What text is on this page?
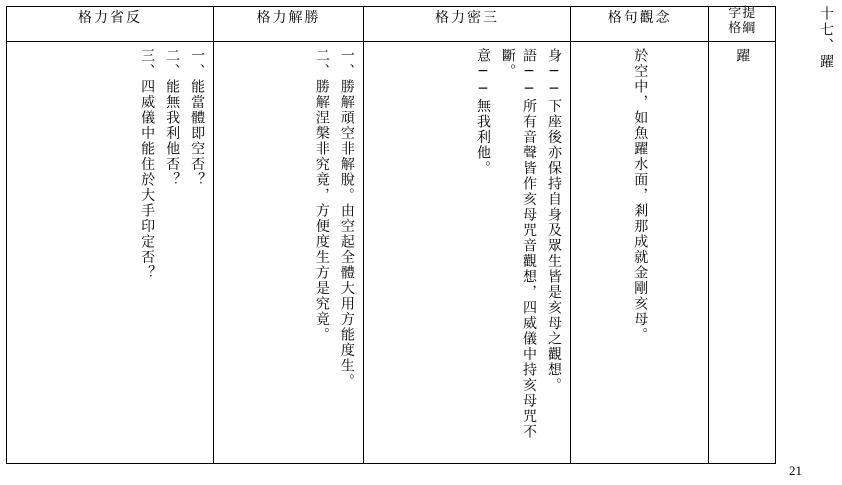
十七、躍
格力省反	格力解勝	格力密三	格句觀念	字提
格綱

一、能當體即空否？
二、能無我利他否？
三、四威儀中能住於大手印定否？	一、勝解頑空非解脫。由空起全體大用方能度生。
二、勝解涅槃非究竟，方便度生方是究竟。	身──下座後亦保持自身及眾生皆是亥母之觀想。
語──所有音聲皆作亥母咒音觀想，四威儀中持亥母咒不斷。
意──無我利他。	於空中，如魚躍水面，剎那成就金剛亥母。	躍
21
